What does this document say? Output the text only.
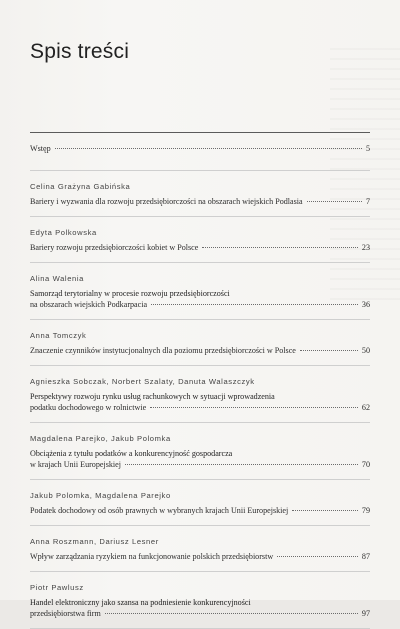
Spis treści
Wstęp	5
Celina Grażyna Gabińska
Bariery i wyzwania dla rozwoju przedsiębiorczości na obszarach wiejskich Podlasia	7
Edyta Polkowska
Bariery rozwoju przedsiębiorczości kobiet w Polsce	23
Alina Walenia
Samorząd terytorialny w procesie rozwoju przedsiębiorczości
na obszarach wiejskich Podkarpacia	36
Anna Tomczyk
Znaczenie czynników instytucjonalnych dla poziomu przedsiębiorczości w Polsce	50
Agnieszka Sobczak, Norbert Szalaty, Danuta Walaszczyk
Perspektywy rozwoju rynku usług rachunkowych w sytuacji wprowadzenia
podatku dochodowego w rolnictwie	62
Magdalena Parejko, Jakub Polomka
Obciążenia z tytułu podatków a konkurencyjność gospodarcza
w krajach Unii Europejskiej	70
Jakub Polomka, Magdalena Parejko
Podatek dochodowy od osób prawnych w wybranych krajach Unii Europejskiej	79
Anna Roszmann, Dariusz Lesner
Wpływ zarządzania ryzykiem na funkcjonowanie polskich przedsiębiorstw	87
Piotr Pawlusz
Handel elektroniczny jako szansa na podniesienie konkurencyjności
przedsiębiorstwa firm	97
